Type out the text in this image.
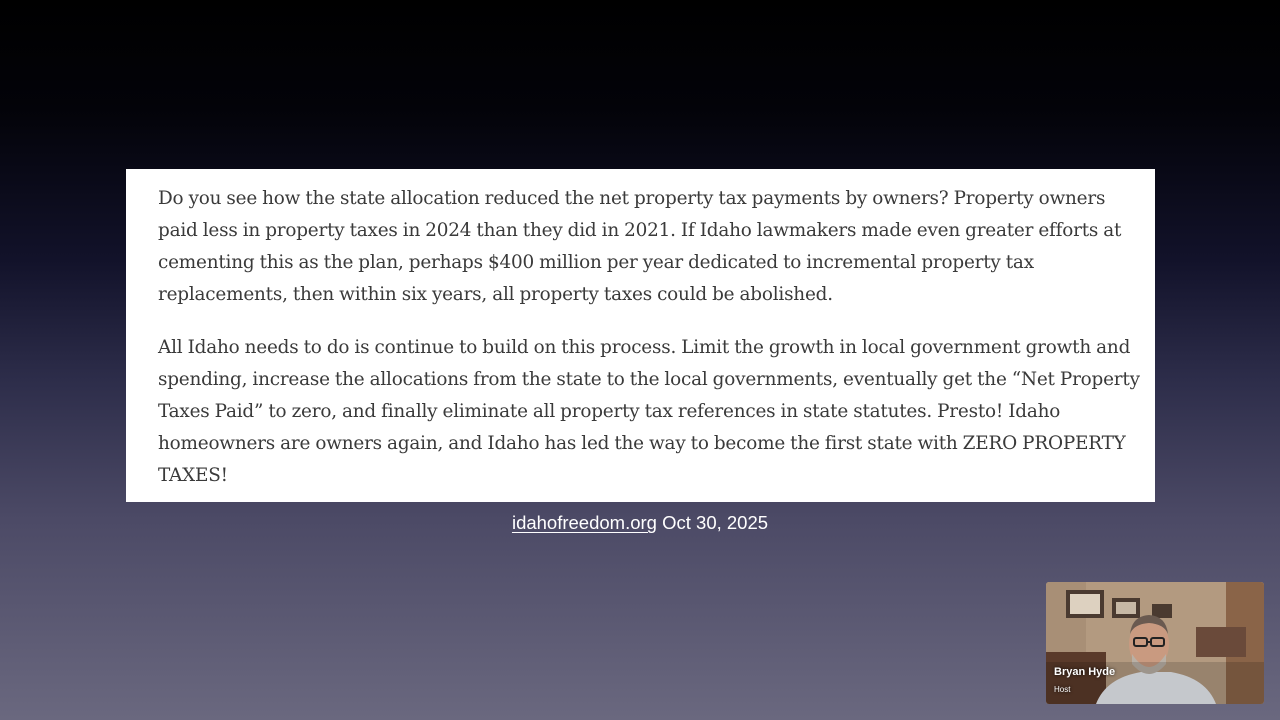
Do you see how the state allocation reduced the net property tax payments by owners? Property owners paid less in property taxes in 2024 than they did in 2021. If Idaho lawmakers made even greater efforts at cementing this as the plan, perhaps $400 million per year dedicated to incremental property tax replacements, then within six years, all property taxes could be abolished.

All Idaho needs to do is continue to build on this process. Limit the growth in local government growth and spending, increase the allocations from the state to the local governments, eventually get the “Net Property Taxes Paid” to zero, and finally eliminate all property tax references in state statutes. Presto! Idaho homeowners are owners again, and Idaho has led the way to become the first state with ZERO PROPERTY TAXES!

idahofreedom.org Oct 30, 2025
Bryan Hyde
Host
